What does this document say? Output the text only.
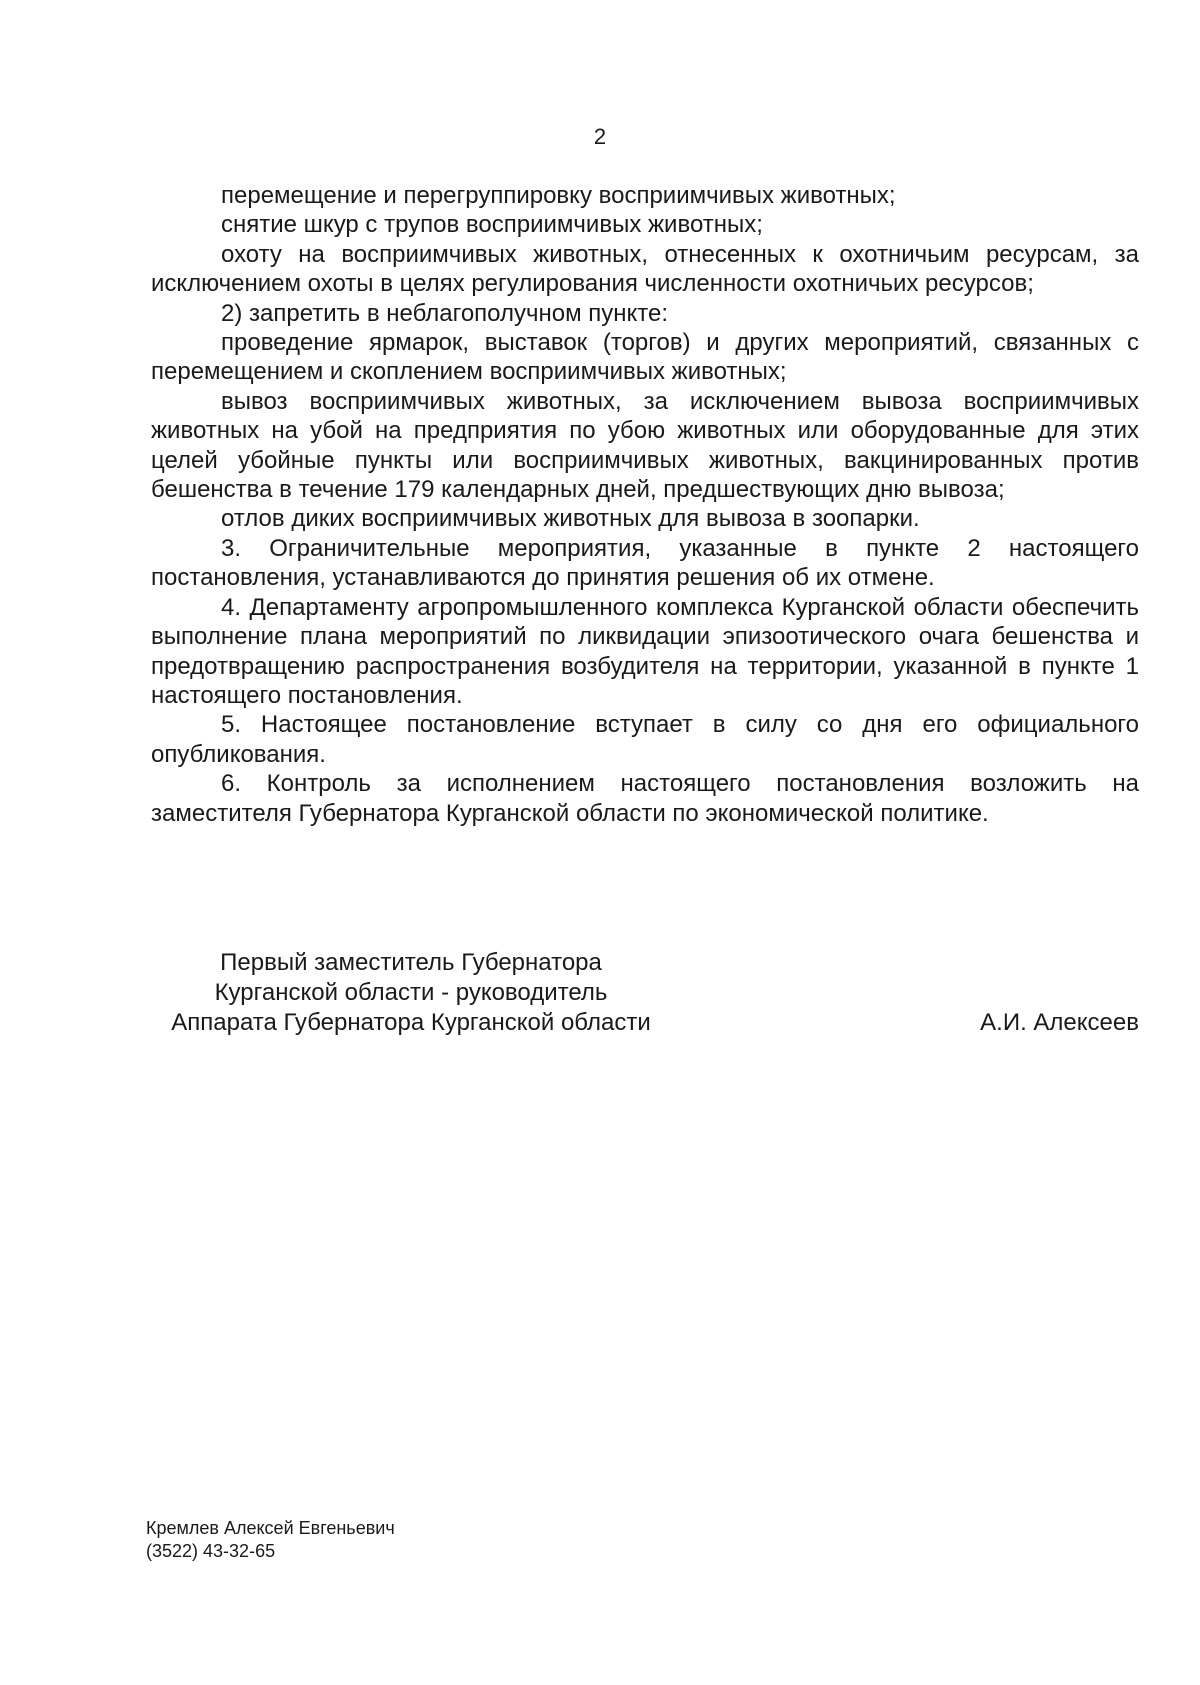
2

перемещение и перегруппировку восприимчивых животных;

снятие шкур с трупов восприимчивых животных;

охоту на восприимчивых животных, отнесенных к охотничьим ресурсам, за исключением охоты в целях регулирования численности охотничьих ресурсов;

2) запретить в неблагополучном пункте:

проведение ярмарок, выставок (торгов) и других мероприятий, связанных с перемещением и скоплением восприимчивых животных;

вывоз восприимчивых животных, за исключением вывоза восприимчивых животных на убой на предприятия по убою животных или оборудованные для этих целей убойные пункты или восприимчивых животных, вакцинированных против бешенства в течение 179 календарных дней, предшествующих дню вывоза;

отлов диких восприимчивых животных для вывоза в зоопарки.

3. Ограничительные мероприятия, указанные в пункте 2 настоящего постановления, устанавливаются до принятия решения об их отмене.

4. Департаменту агропромышленного комплекса Курганской области обеспечить выполнение плана мероприятий по ликвидации эпизоотического очага бешенства и предотвращению распространения возбудителя на территории, указанной в пункте 1 настоящего постановления.

5. Настоящее постановление вступает в силу со дня его официального опубликования.

6. Контроль за исполнением настоящего постановления возложить на заместителя Губернатора Курганской области по экономической политике.

Первый заместитель Губернатора
Курганской области - руководитель
Аппарата Губернатора Курганской области	А.И. Алексеев
Кремлев Алексей Евгеньевич
(3522) 43-32-65
